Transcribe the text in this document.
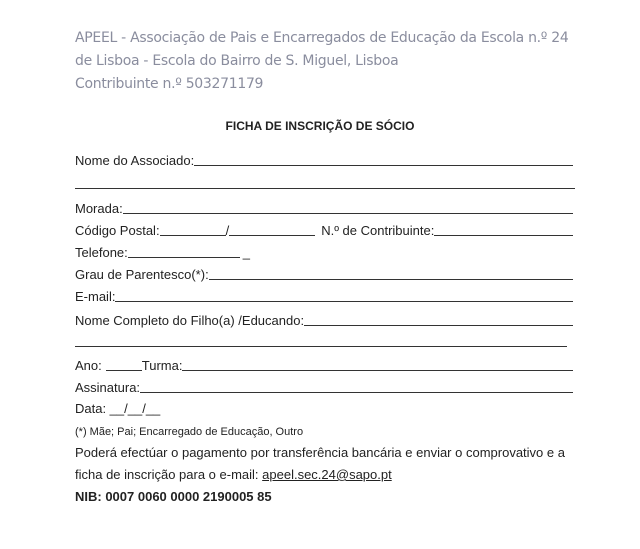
APEEL - Associação de Pais e Encarregados de Educação da Escola n.º 24
de Lisboa - Escola do Bairro de S. Miguel, Lisboa
Contribuinte n.º 503271179
FICHA DE INSCRIÇÃO DE SÓCIO
Nome do Associado:
Morada:
Código Postal:	/	N.º de Contribuinte:
Telefone:	_
Grau de Parentesco(*):
E-mail:
Nome Completo do Filho(a) /Educando:
Ano:	Turma:
Assinatura:
Data: __/__/__
(*) Mãe; Pai; Encarregado de Educação, Outro
Poderá efectúar o pagamento por transferência bancária e enviar o comprovativo e a
ficha de inscrição para o e-mail: apeel.sec.24@sapo.pt
NIB: 0007 0060 0000 2190005 85
